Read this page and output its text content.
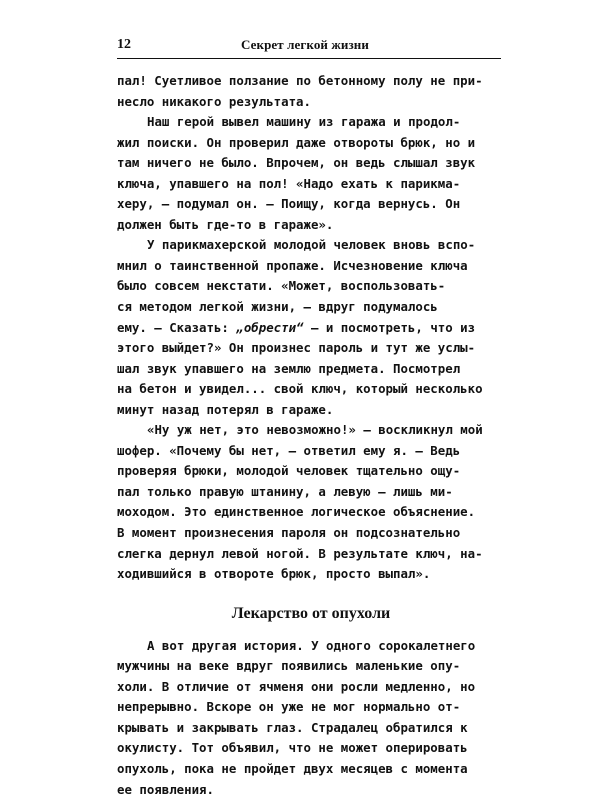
12	Секрет легкой жизни
пал! Суетливое ползание по бетонному полу не при-
несло никакого результата.
Наш герой вывел машину из гаража и продол-
жил поиски. Он проверил даже отвороты брюк, но и
там ничего не было. Впрочем, он ведь слышал звук
ключа, упавшего на пол! «Надо ехать к парикма-
херу, — подумал он. — Поищу, когда вернусь. Он
должен быть где-то в гараже».
У парикмахерской молодой человек вновь вспо-
мнил о таинственной пропаже. Исчезновение ключа
было совсем некстати. «Может, воспользовать-
ся методом легкой жизни, — вдруг подумалось
ему. — Сказать: „обрести“ — и посмотреть, что из
этого выйдет?» Он произнес пароль и тут же услы-
шал звук упавшего на землю предмета. Посмотрел
на бетон и увидел... свой ключ, который несколько
минут назад потерял в гараже.
«Ну уж нет, это невозможно!» — воскликнул мой
шофер. «Почему бы нет, — ответил ему я. — Ведь
проверяя брюки, молодой человек тщательно ощу-
пал только правую штанину, а левую — лишь ми-
моходом. Это единственное логическое объяснение.
В момент произнесения пароля он подсознательно
слегка дернул левой ногой. В результате ключ, на-
ходившийся в отвороте брюк, просто выпал».
Лекарство от опухоли
А вот другая история. У одного сорокалетнего
мужчины на веке вдруг появились маленькие опу-
холи. В отличие от ячменя они росли медленно, но
непрерывно. Вскоре он уже не мог нормально от-
крывать и закрывать глаз. Страдалец обратился к
окулисту. Тот объявил, что не может оперировать
опухоль, пока не пройдет двух месяцев с момента
ее появления.
